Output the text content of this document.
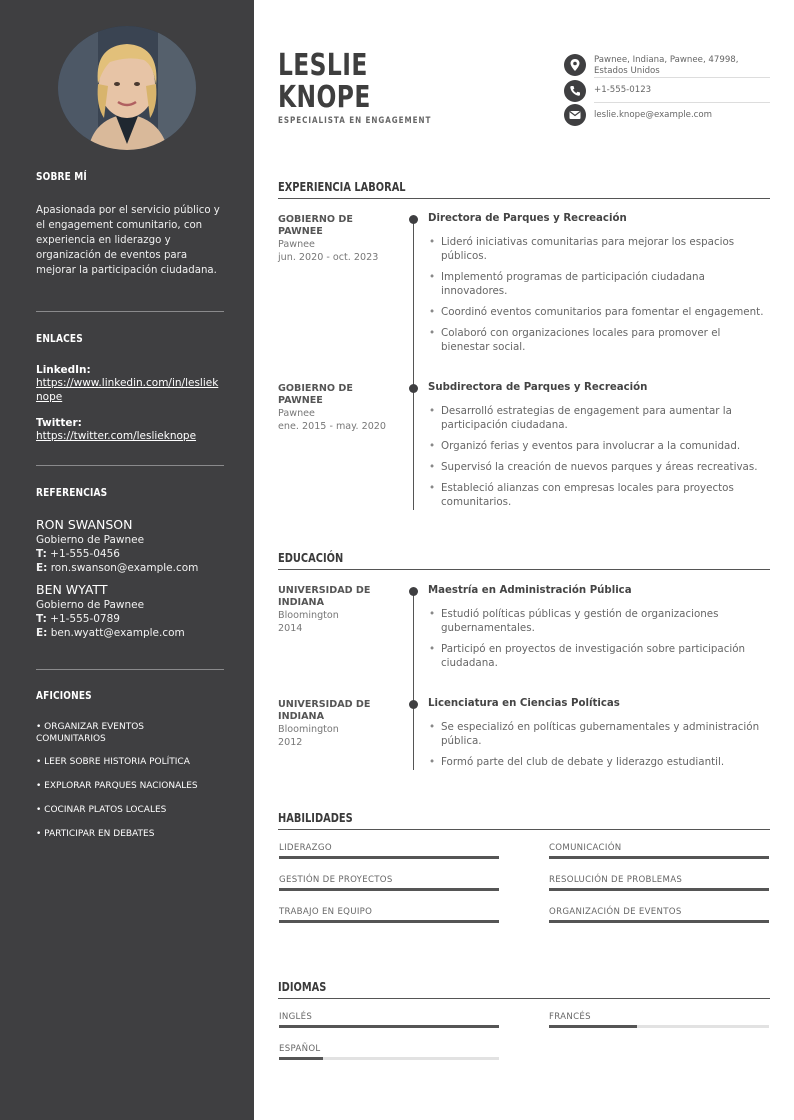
SOBRE MÍ
Apasionada por el servicio público y el engagement comunitario, con experiencia en liderazgo y organización de eventos para mejorar la participación ciudadana.
ENLACES
LinkedIn:
https://www.linkedin.com/in/leslieknope
Twitter:
https://twitter.com/leslieknope
REFERENCIAS
RON SWANSON
Gobierno de Pawnee
T: +1-555-0456
E: ron.swanson@example.com
BEN WYATT
Gobierno de Pawnee
T: +1-555-0789
E: ben.wyatt@example.com
AFICIONES
• ORGANIZAR EVENTOS COMUNITARIOS
• LEER SOBRE HISTORIA POLÍTICA
• EXPLORAR PARQUES NACIONALES
• COCINAR PLATOS LOCALES
• PARTICIPAR EN DEBATES
LESLIE
KNOPE
ESPECIALISTA EN ENGAGEMENT
Pawnee, Indiana, Pawnee, 47998, Estados Unidos
+1-555-0123
leslie.knope@example.com
EXPERIENCIA LABORAL
GOBIERNO DE PAWNEE
Pawnee
jun. 2020 - oct. 2023
Directora de Parques y Recreación
• Lideró iniciativas comunitarias para mejorar los espacios públicos.
• Implementó programas de participación ciudadana innovadores.
• Coordinó eventos comunitarios para fomentar el engagement.
• Colaboró con organizaciones locales para promover el bienestar social.
GOBIERNO DE PAWNEE
Pawnee
ene. 2015 - may. 2020
Subdirectora de Parques y Recreación
• Desarrolló estrategias de engagement para aumentar la participación ciudadana.
• Organizó ferias y eventos para involucrar a la comunidad.
• Supervisó la creación de nuevos parques y áreas recreativas.
• Estableció alianzas con empresas locales para proyectos comunitarios.
EDUCACIÓN
UNIVERSIDAD DE INDIANA
Bloomington
2014
Maestría en Administración Pública
• Estudió políticas públicas y gestión de organizaciones gubernamentales.
• Participó en proyectos de investigación sobre participación ciudadana.
UNIVERSIDAD DE INDIANA
Bloomington
2012
Licenciatura en Ciencias Políticas
• Se especializó en políticas gubernamentales y administración pública.
• Formó parte del club de debate y liderazgo estudiantil.
HABILIDADES
LIDERAZGO	COMUNICACIÓN
GESTIÓN DE PROYECTOS	RESOLUCIÓN DE PROBLEMAS
TRABAJO EN EQUIPO	ORGANIZACIÓN DE EVENTOS
IDIOMAS
INGLÉS	FRANCÉS
ESPAÑOL
